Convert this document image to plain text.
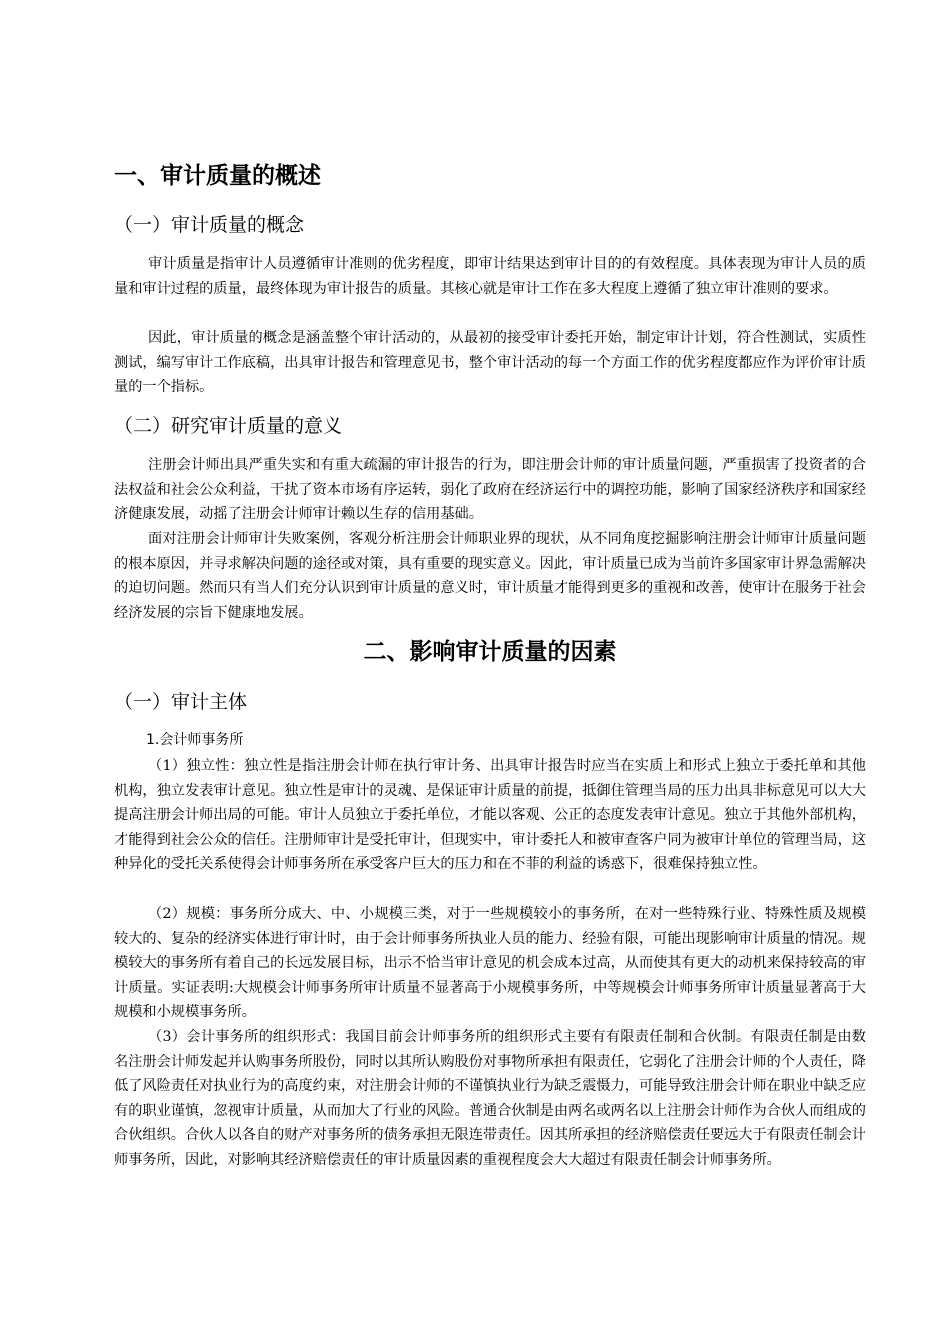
一、审计质量的概述
（一）审计质量的概念

审计质量是指审计人员遵循审计准则的优劣程度，即审计结果达到审计目的的有效程度。具体表现为审计人员的质量和审计过程的质量，最终体现为审计报告的质量。其核心就是审计工作在多大程度上遵循了独立审计准则的要求。

因此，审计质量的概念是涵盖整个审计活动的，从最初的接受审计委托开始，制定审计计划，符合性测试，实质性测试，编写审计工作底稿，出具审计报告和管理意见书，整个审计活动的每一个方面工作的优劣程度都应作为评价审计质量的一个指标。

（二）研究审计质量的意义

注册会计师出具严重失实和有重大疏漏的审计报告的行为，即注册会计师的审计质量问题，严重损害了投资者的合法权益和社会公众利益，干扰了资本市场有序运转，弱化了政府在经济运行中的调控功能，影响了国家经济秩序和国家经济健康发展，动摇了注册会计师审计赖以生存的信用基础。

面对注册会计师审计失败案例，客观分析注册会计师职业界的现状，从不同角度挖掘影响注册会计师审计质量问题的根本原因，并寻求解决问题的途径或对策，具有重要的现实意义。因此，审计质量已成为当前许多国家审计界急需解决的迫切问题。然而只有当人们充分认识到审计质量的意义时，审计质量才能得到更多的重视和改善，使审计在服务于社会经济发展的宗旨下健康地发展。

二、影响审计质量的因素
（一）审计主体
1.会计师事务所

（1）独立性：独立性是指注册会计师在执行审计务、出具审计报告时应当在实质上和形式上独立于委托单和其他机构，独立发表审计意见。独立性是审计的灵魂、是保证审计质量的前提，抵御住管理当局的压力出具非标意见可以大大提高注册会计师出局的可能。审计人员独立于委托单位，才能以客观、公正的态度发表审计意见。独立于其他外部机构，才能得到社会公众的信任。注册师审计是受托审计，但现实中，审计委托人和被审查客户同为被审计单位的管理当局，这种异化的受托关系使得会计师事务所在承受客户巨大的压力和在不菲的利益的诱惑下，很难保持独立性。

（2）规模：事务所分成大、中、小规模三类，对于一些规模较小的事务所，在对一些特殊行业、特殊性质及规模较大的、复杂的经济实体进行审计时，由于会计师事务所执业人员的能力、经验有限，可能出现影响审计质量的情况。规模较大的事务所有着自己的长远发展目标，出示不恰当审计意见的机会成本过高，从而使其有更大的动机来保持较高的审计质量。实证表明:大规模会计师事务所审计质量不显著高于小规模事务所，中等规模会计师事务所审计质量显著高于大规模和小规模事务所。

（3）会计事务所的组织形式：我国目前会计师事务所的组织形式主要有有限责任制和合伙制。有限责任制是由数名注册会计师发起并认购事务所股份，同时以其所认购股份对事物所承担有限责任，它弱化了注册会计师的个人责任，降低了风险责任对执业行为的高度约束，对注册会计师的不谨慎执业行为缺乏震慑力，可能导致注册会计师在职业中缺乏应有的职业谨慎，忽视审计质量，从而加大了行业的风险。普通合伙制是由两名或两名以上注册会计师作为合伙人而组成的合伙组织。合伙人以各自的财产对事务所的债务承担无限连带责任。因其所承担的经济赔偿责任要远大于有限责任制会计师事务所，因此，对影响其经济赔偿责任的审计质量因素的重视程度会大大超过有限责任制会计师事务所。
